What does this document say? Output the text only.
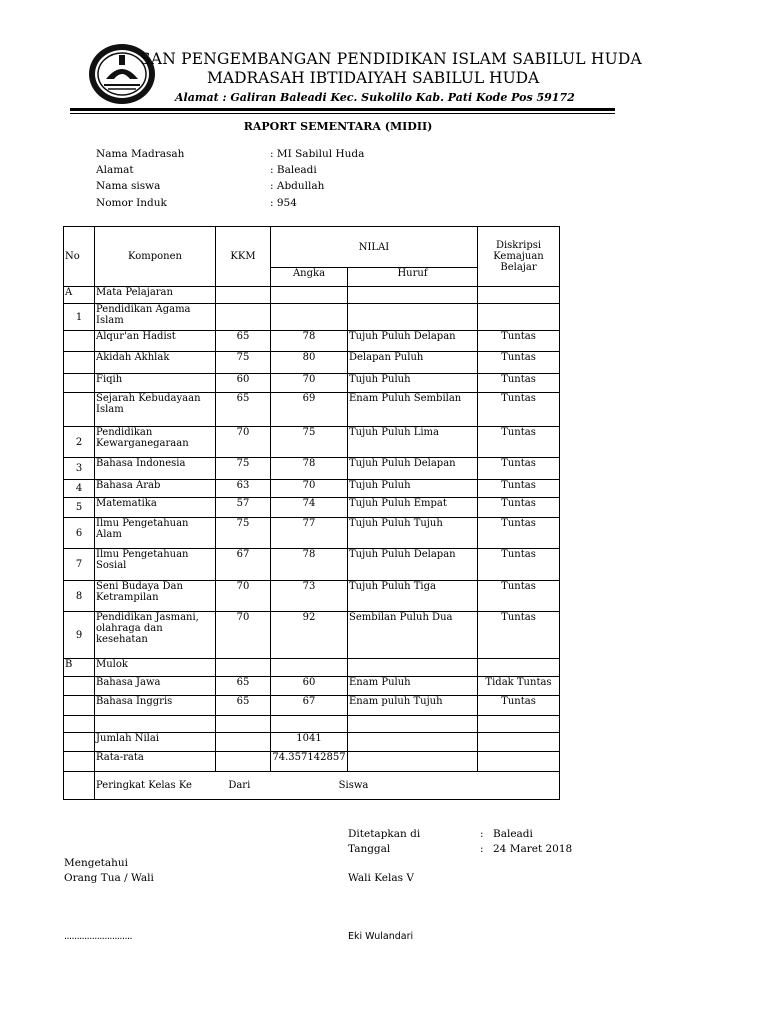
SAN PENGEMBANGAN PENDIDIKAN ISLAM SABILUL HUDA
MADRASAH IBTIDAIYAH SABILUL HUDA
Alamat : Galiran Baleadi Kec. Sukolilo Kab. Pati Kode Pos 59172
RAPORT SEMENTARA (MIDII)
Nama Madrasah	: MI Sabilul Huda
Alamat	: Baleadi
Nama siswa	: Abdullah
Nomor Induk	: 954
No	Komponen	KKM	NILAI		Diskripsi Kemajuan Belajar
			Angka	Huruf	
A	Mata Pelajaran				
1	Pendidikan Agama Islam				
	Alqur'an Hadist	65	78	Tujuh Puluh Delapan	Tuntas
	Akidah Akhlak	75	80	Delapan Puluh	Tuntas
	Fiqih	60	70	Tujuh Puluh	Tuntas
	Sejarah Kebudayaan Islam	65	69	Enam Puluh Sembilan	Tuntas
2	Pendidikan Kewarganegaraan	70	75	Tujuh Puluh Lima	Tuntas
3	Bahasa Indonesia	75	78	Tujuh Puluh Delapan	Tuntas
4	Bahasa Arab	63	70	Tujuh Puluh	Tuntas
5	Matematika	57	74	Tujuh Puluh Empat	Tuntas
6	Ilmu Pengetahuan Alam	75	77	Tujuh Puluh Tujuh	Tuntas
7	Ilmu Pengetahuan Sosial	67	78	Tujuh Puluh Delapan	Tuntas
8	Seni Budaya Dan Ketrampilan	70	73	Tujuh Puluh Tiga	Tuntas
9	Pendidikan Jasmani, olahraga dan kesehatan	70	92	Sembilan Puluh Dua	Tuntas
B	Mulok				
	Bahasa Jawa	65	60	Enam Puluh	Tidak Tuntas
	Bahasa Inggris	65	67	Enam puluh Tujuh	Tuntas

	Jumlah Nilai		1041		
	Rata-rata		74.357142857		
	Peringkat Kelas Ke Dari Siswa				
Ditetapkan di	: Baleadi
Tanggal	: 24 Maret 2018
Mengetahui
Orang Tua / Wali	Wali Kelas V
...........................	Eki Wulandari
